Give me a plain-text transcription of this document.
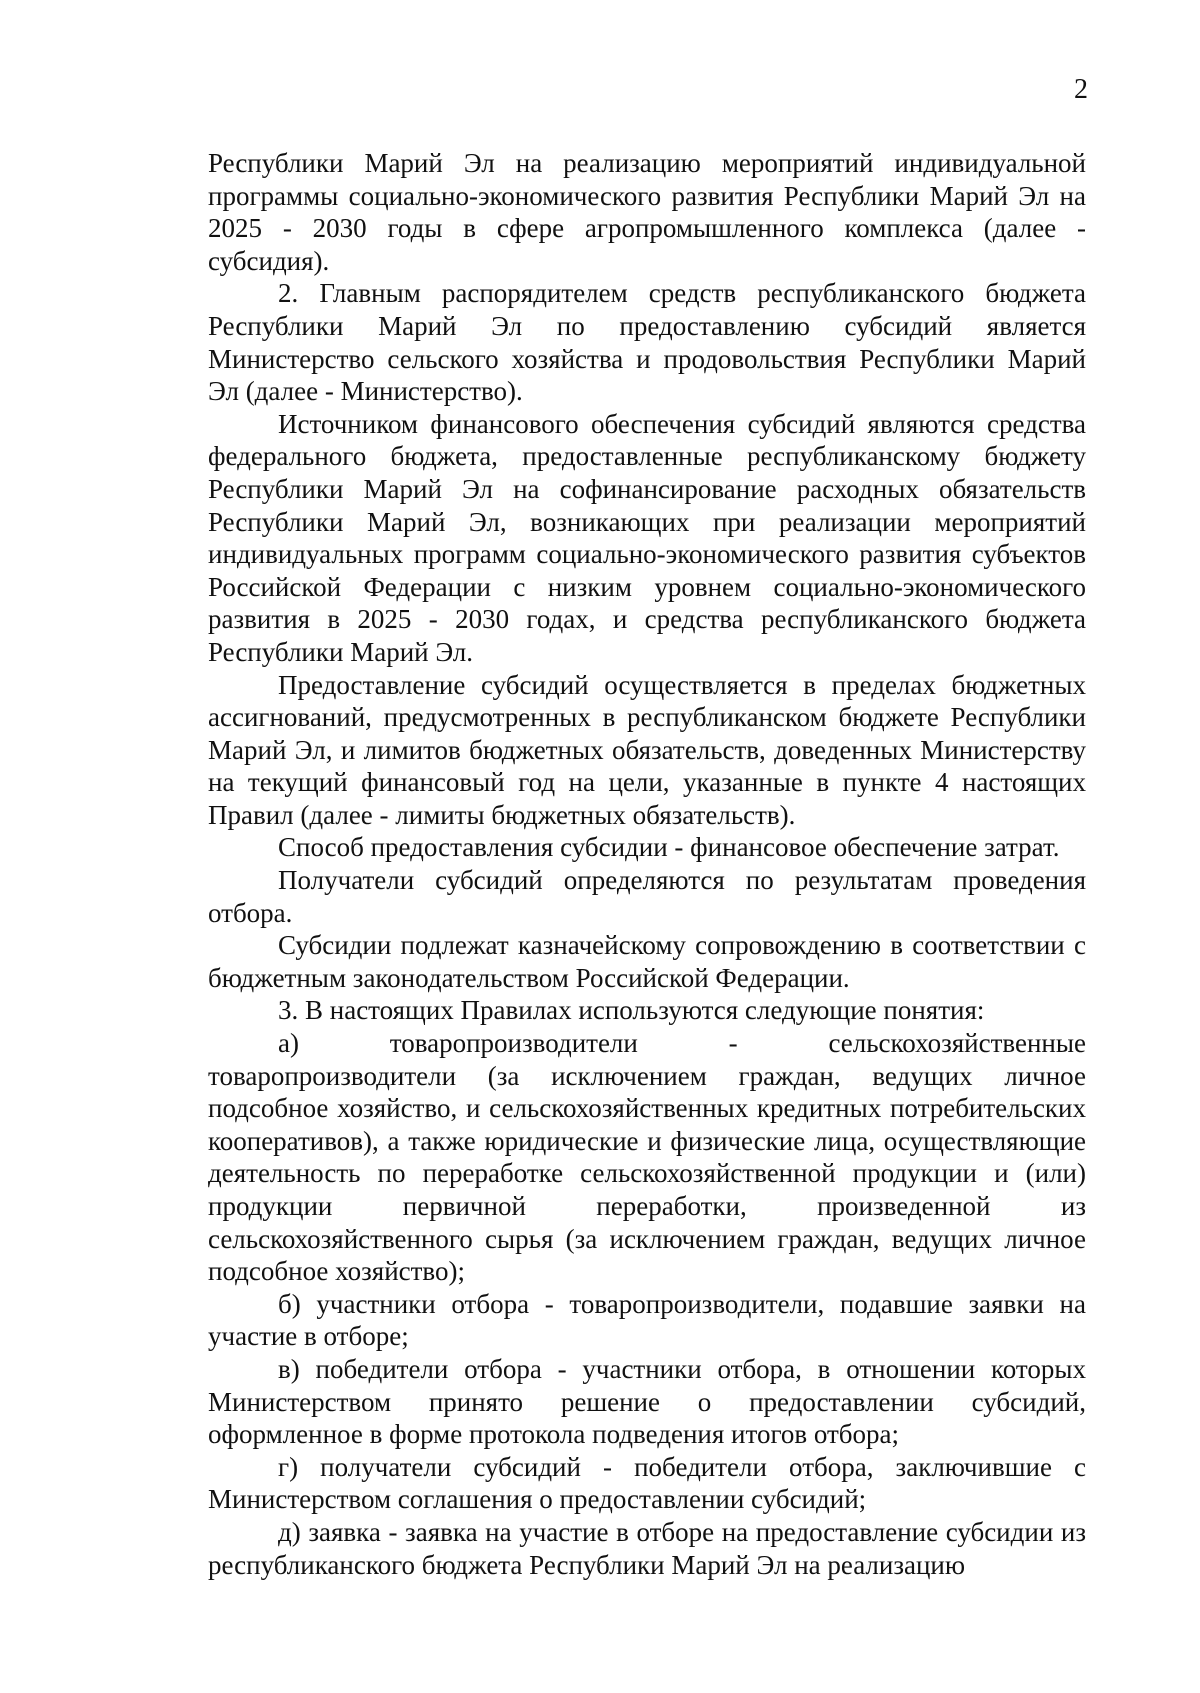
2

Республики Марий Эл на реализацию мероприятий индивидуальной программы социально-экономического развития Республики Марий Эл на 2025 - 2030 годы в сфере агропромышленного комплекса (далее - субсидия).

2. Главным распорядителем средств республиканского бюджета Республики Марий Эл по предоставлению субсидий является Министерство сельского хозяйства и продовольствия Республики Марий Эл (далее - Министерство).

Источником финансового обеспечения субсидий являются средства федерального бюджета, предоставленные республиканскому бюджету Республики Марий Эл на софинансирование расходных обязательств Республики Марий Эл, возникающих при реализации мероприятий индивидуальных программ социально-экономического развития субъектов Российской Федерации с низким уровнем социально-экономического развития в 2025 - 2030 годах, и средства республиканского бюджета Республики Марий Эл.

Предоставление субсидий осуществляется в пределах бюджетных ассигнований, предусмотренных в республиканском бюджете Республики Марий Эл, и лимитов бюджетных обязательств, доведенных Министерству на текущий финансовый год на цели, указанные в пункте 4 настоящих Правил (далее - лимиты бюджетных обязательств).

Способ предоставления субсидии - финансовое обеспечение затрат.

Получатели субсидий определяются по результатам проведения отбора.

Субсидии подлежат казначейскому сопровождению в соответствии с бюджетным законодательством Российской Федерации.

3. В настоящих Правилах используются следующие понятия:

а) товаропроизводители - сельскохозяйственные товаропроизводители (за исключением граждан, ведущих личное подсобное хозяйство, и сельскохозяйственных кредитных потребительских кооперативов), а также юридические и физические лица, осуществляющие деятельность по переработке сельскохозяйственной продукции и (или) продукции первичной переработки, произведенной из сельскохозяйственного сырья (за исключением граждан, ведущих личное подсобное хозяйство);

б) участники отбора - товаропроизводители, подавшие заявки на участие в отборе;

в) победители отбора - участники отбора, в отношении которых Министерством принято решение о предоставлении субсидий, оформленное в форме протокола подведения итогов отбора;

г) получатели субсидий - победители отбора, заключившие с Министерством соглашения о предоставлении субсидий;

д) заявка - заявка на участие в отборе на предоставление субсидии из республиканского бюджета Республики Марий Эл на реализацию
